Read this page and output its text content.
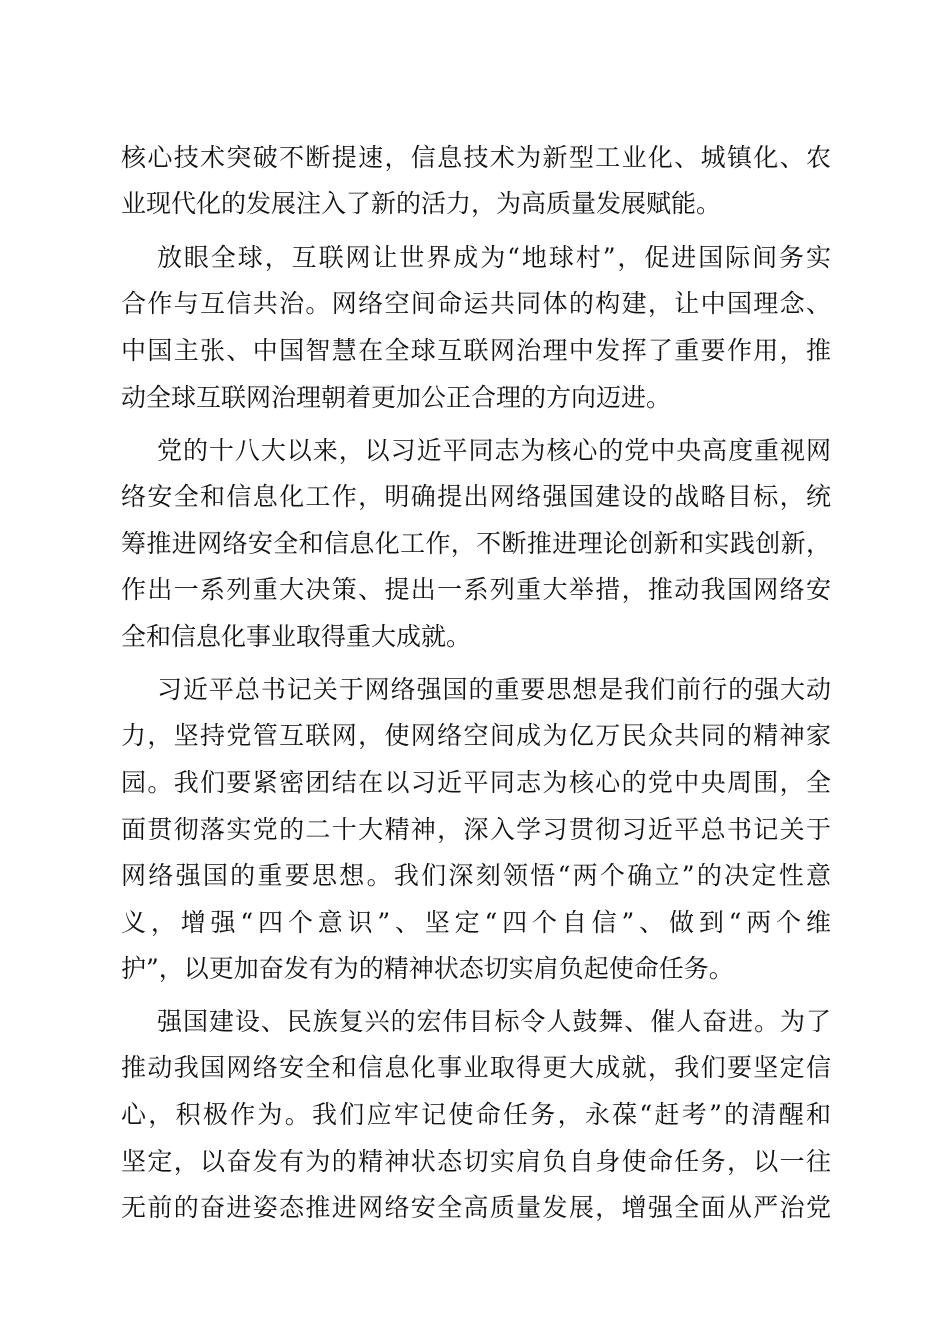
核心技术突破不断提速，信息技术为新型工业化、城镇化、农
业现代化的发展注入了新的活力，为高质量发展赋能。
放眼全球，互联网让世界成为“地球村”，促进国际间务实
合作与互信共治。网络空间命运共同体的构建，让中国理念、
中国主张、中国智慧在全球互联网治理中发挥了重要作用，推
动全球互联网治理朝着更加公正合理的方向迈进。
党的十八大以来，以习近平同志为核心的党中央高度重视网
络安全和信息化工作，明确提出网络强国建设的战略目标，统
筹推进网络安全和信息化工作，不断推进理论创新和实践创新，
作出一系列重大决策、提出一系列重大举措，推动我国网络安
全和信息化事业取得重大成就。
习近平总书记关于网络强国的重要思想是我们前行的强大动
力，坚持党管互联网，使网络空间成为亿万民众共同的精神家
园。我们要紧密团结在以习近平同志为核心的党中央周围，全
面贯彻落实党的二十大精神，深入学习贯彻习近平总书记关于
网络强国的重要思想。我们深刻领悟“两个确立”的决定性意
义，增强“四个意识”、坚定“四个自信”、做到“两个维
护”，以更加奋发有为的精神状态切实肩负起使命任务。
强国建设、民族复兴的宏伟目标令人鼓舞、催人奋进。为了
推动我国网络安全和信息化事业取得更大成就，我们要坚定信
心，积极作为。我们应牢记使命任务，永葆“赶考”的清醒和
坚定，以奋发有为的精神状态切实肩负自身使命任务，以一往
无前的奋进姿态推进网络安全高质量发展，增强全面从严治党
